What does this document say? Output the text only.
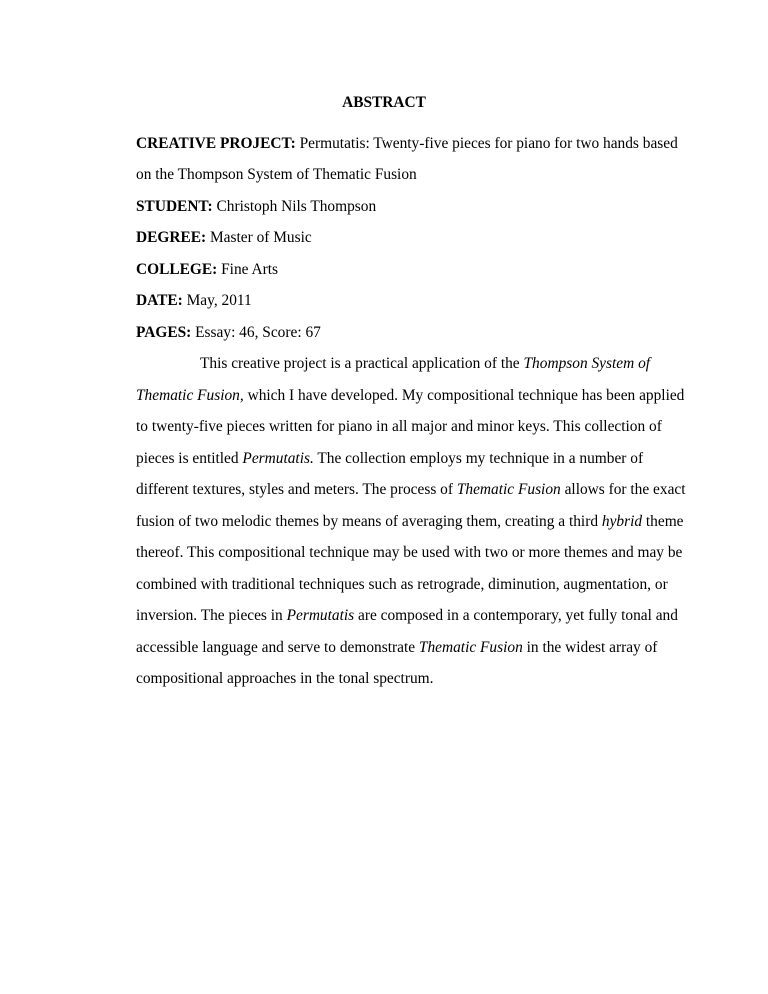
ABSTRACT
CREATIVE PROJECT: Permutatis: Twenty-five pieces for piano for two hands based
on the Thompson System of Thematic Fusion
STUDENT: Christoph Nils Thompson
DEGREE: Master of Music
COLLEGE: Fine Arts
DATE: May, 2011
PAGES: Essay: 46, Score: 67
This creative project is a practical application of the Thompson System of
Thematic Fusion, which I have developed. My compositional technique has been applied
to twenty-five pieces written for piano in all major and minor keys. This collection of
pieces is entitled Permutatis. The collection employs my technique in a number of
different textures, styles and meters. The process of Thematic Fusion allows for the exact
fusion of two melodic themes by means of averaging them, creating a third hybrid theme
thereof. This compositional technique may be used with two or more themes and may be
combined with traditional techniques such as retrograde, diminution, augmentation, or
inversion. The pieces in Permutatis are composed in a contemporary, yet fully tonal and
accessible language and serve to demonstrate Thematic Fusion in the widest array of
compositional approaches in the tonal spectrum.
